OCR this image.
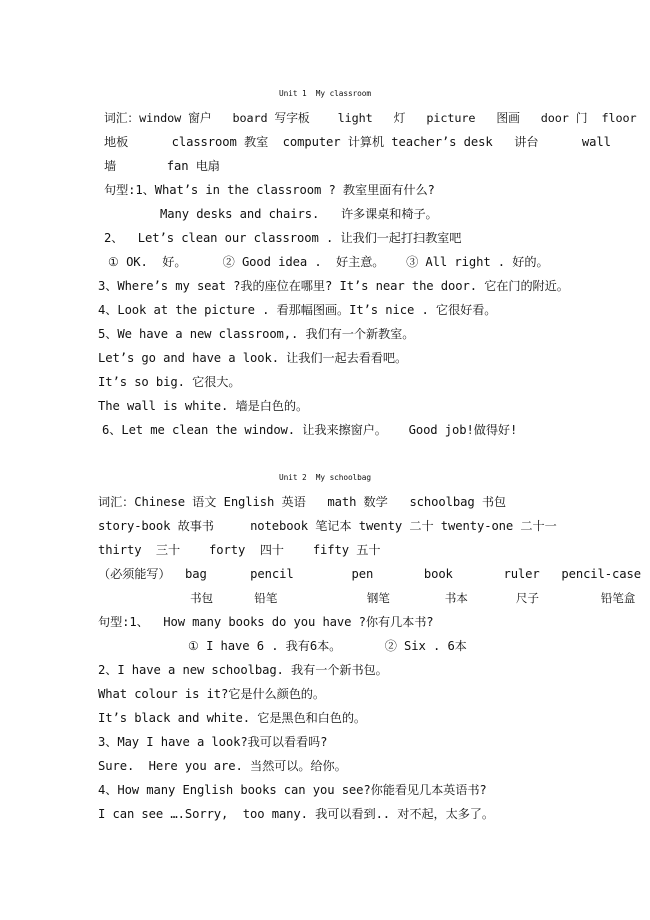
Unit 1  My classroom
词汇：window 窗户   board 写字板    light   灯   picture   图画   door 门  floor
地板      classroom 教室  computer 计算机 teacher’s desk   讲台      wall
墙       fan 电扇
句型:1、What’s in the classroom ? 教室里面有什么?
Many desks and chairs.   许多课桌和椅子。
2、  Let’s clean our classroom . 让我们一起打扫教室吧
① OK.  好。     ② Good idea .  好主意。   ③ All right . 好的。
3、Where’s my seat ?我的座位在哪里? It’s near the door. 它在门的附近。
4、Look at the picture . 看那幅图画。It’s nice . 它很好看。
5、We have a new classroom,. 我们有一个新教室。
Let’s go and have a look. 让我们一起去看看吧。
It’s so big. 它很大。
The wall is white. 墙是白色的。
6、Let me clean the window. 让我来擦窗户。   Good job!做得好!
Unit 2  My schoolbag
词汇：Chinese 语文 English 英语   math 数学   schoolbag 书包
story-book 故事书     notebook 笔记本 twenty 二十 twenty-one 二十一
thirty  三十    forty  四十    fifty 五十
（必须能写）  bag      pencil        pen       book       ruler   pencil-case
书包      铅笔             钢笔        书本       尺子         铅笔盒
句型:1、  How many books do you have ?你有几本书?
① I have 6 . 我有6本。      ② Six . 6本
2、I have a new schoolbag. 我有一个新书包。
What colour is it?它是什么颜色的。
It’s black and white. 它是黑色和白色的。
3、May I have a look?我可以看看吗?
Sure.  Here you are. 当然可以。给你。
4、How many English books can you see?你能看见几本英语书?
I can see ….Sorry,  too many. 我可以看到.. 对不起，太多了。
